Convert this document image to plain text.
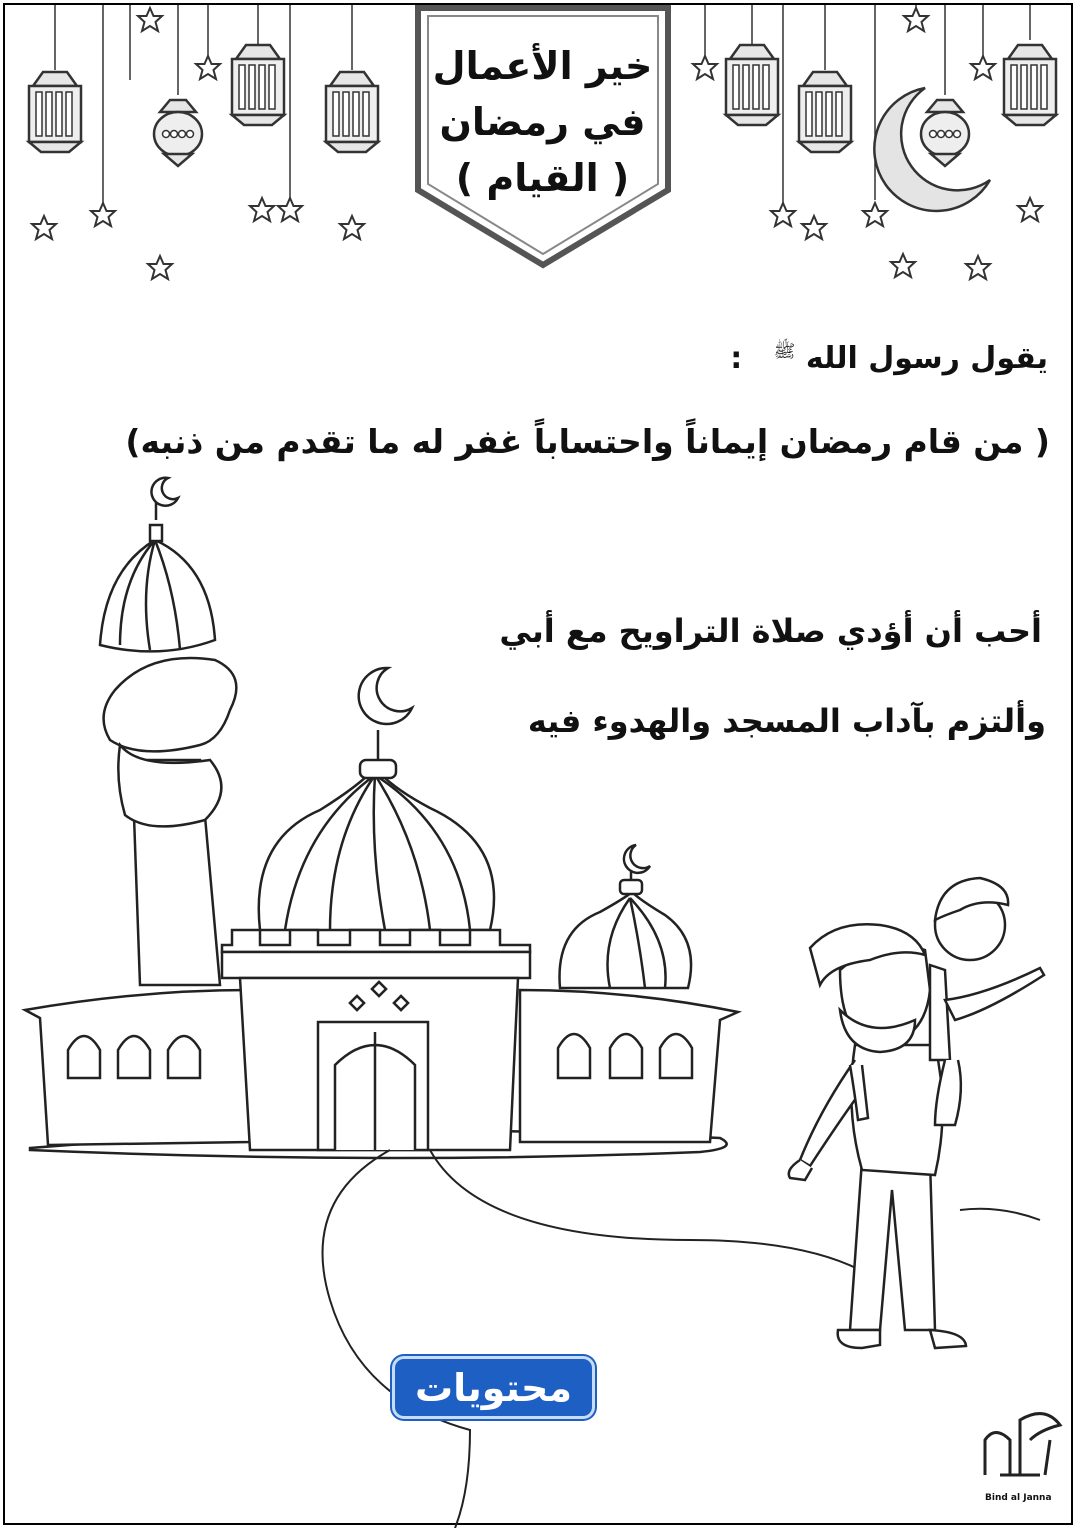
خير الأعمال
في رمضان
( القيام )
يقول رسول الله $^ﷺ$   :
( من قام رمضان إيماناً واحتساباً غفر له ما تقدم من ذنبه)
أحب أن أؤدي صلاة التراويح مع أبي
وألتزم بآداب المسجد والهدوء فيه
محتويات
Bind al Janna
